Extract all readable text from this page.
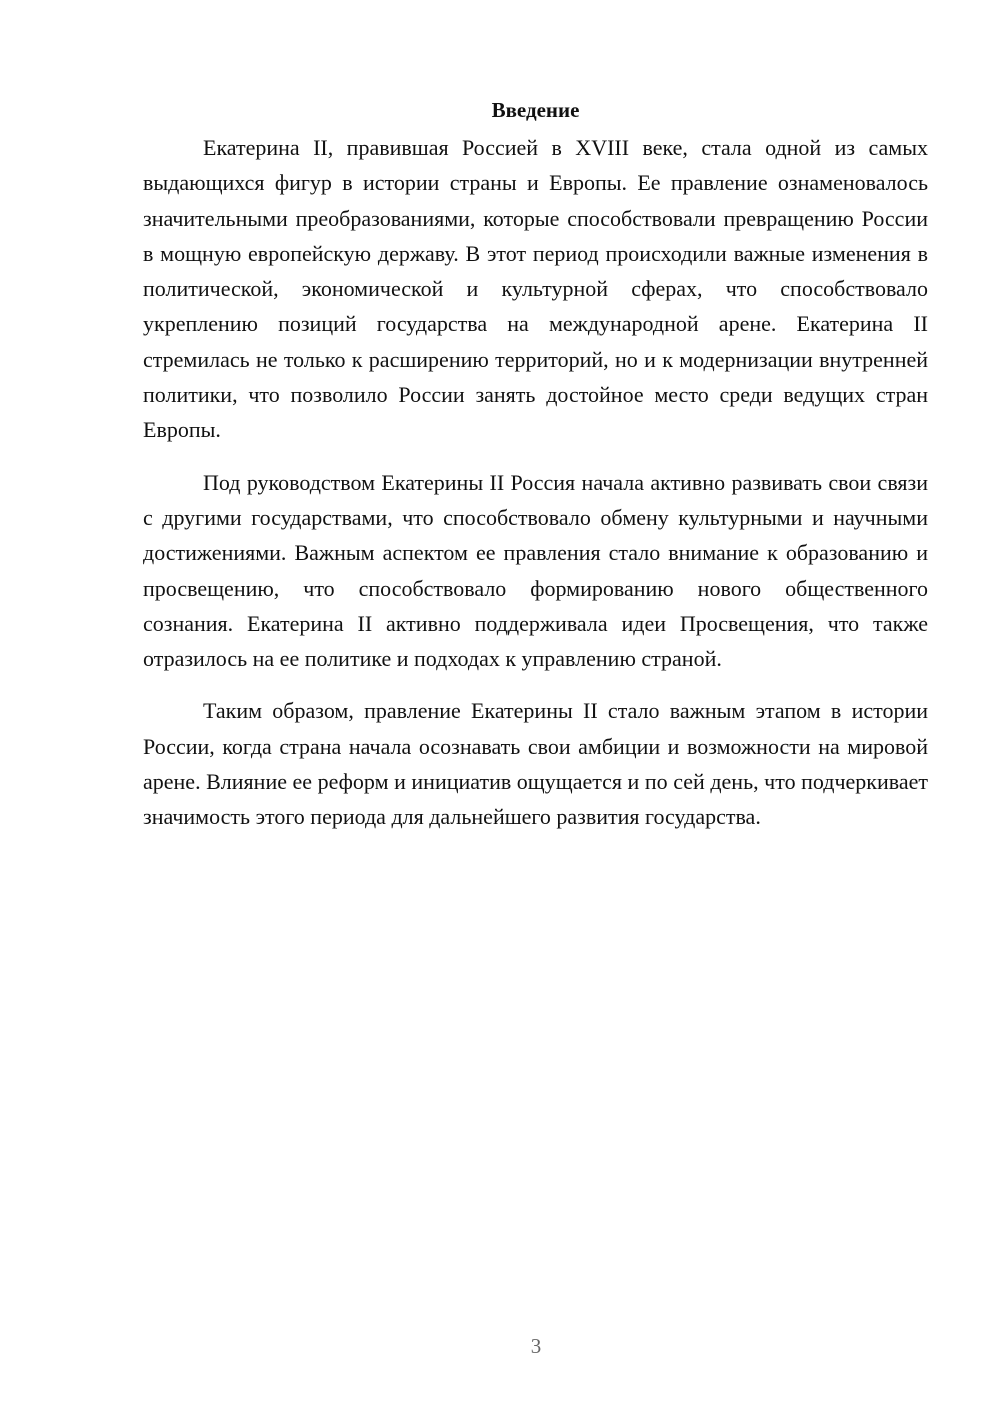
Введение

Екатерина II, правившая Россией в XVIII веке, стала одной из самых выдающихся фигур в истории страны и Европы. Ее правление ознаменовалось значительными преобразованиями, которые способствовали превращению России в мощную европейскую державу. В этот период происходили важные изменения в политической, экономической и культурной сферах, что способствовало укреплению позиций государства на международной арене. Екатерина II стремилась не только к расширению территорий, но и к модернизации внутренней политики, что позволило России занять достойное место среди ведущих стран Европы.

Под руководством Екатерины II Россия начала активно развивать свои связи с другими государствами, что способствовало обмену культурными и научными достижениями. Важным аспектом ее правления стало внимание к образованию и просвещению, что способствовало формированию нового общественного сознания. Екатерина II активно поддерживала идеи Просвещения, что также отразилось на ее политике и подходах к управлению страной.

Таким образом, правление Екатерины II стало важным этапом в истории России, когда страна начала осознавать свои амбиции и возможности на мировой арене. Влияние ее реформ и инициатив ощущается и по сей день, что подчеркивает значимость этого периода для дальнейшего развития государства.

3
